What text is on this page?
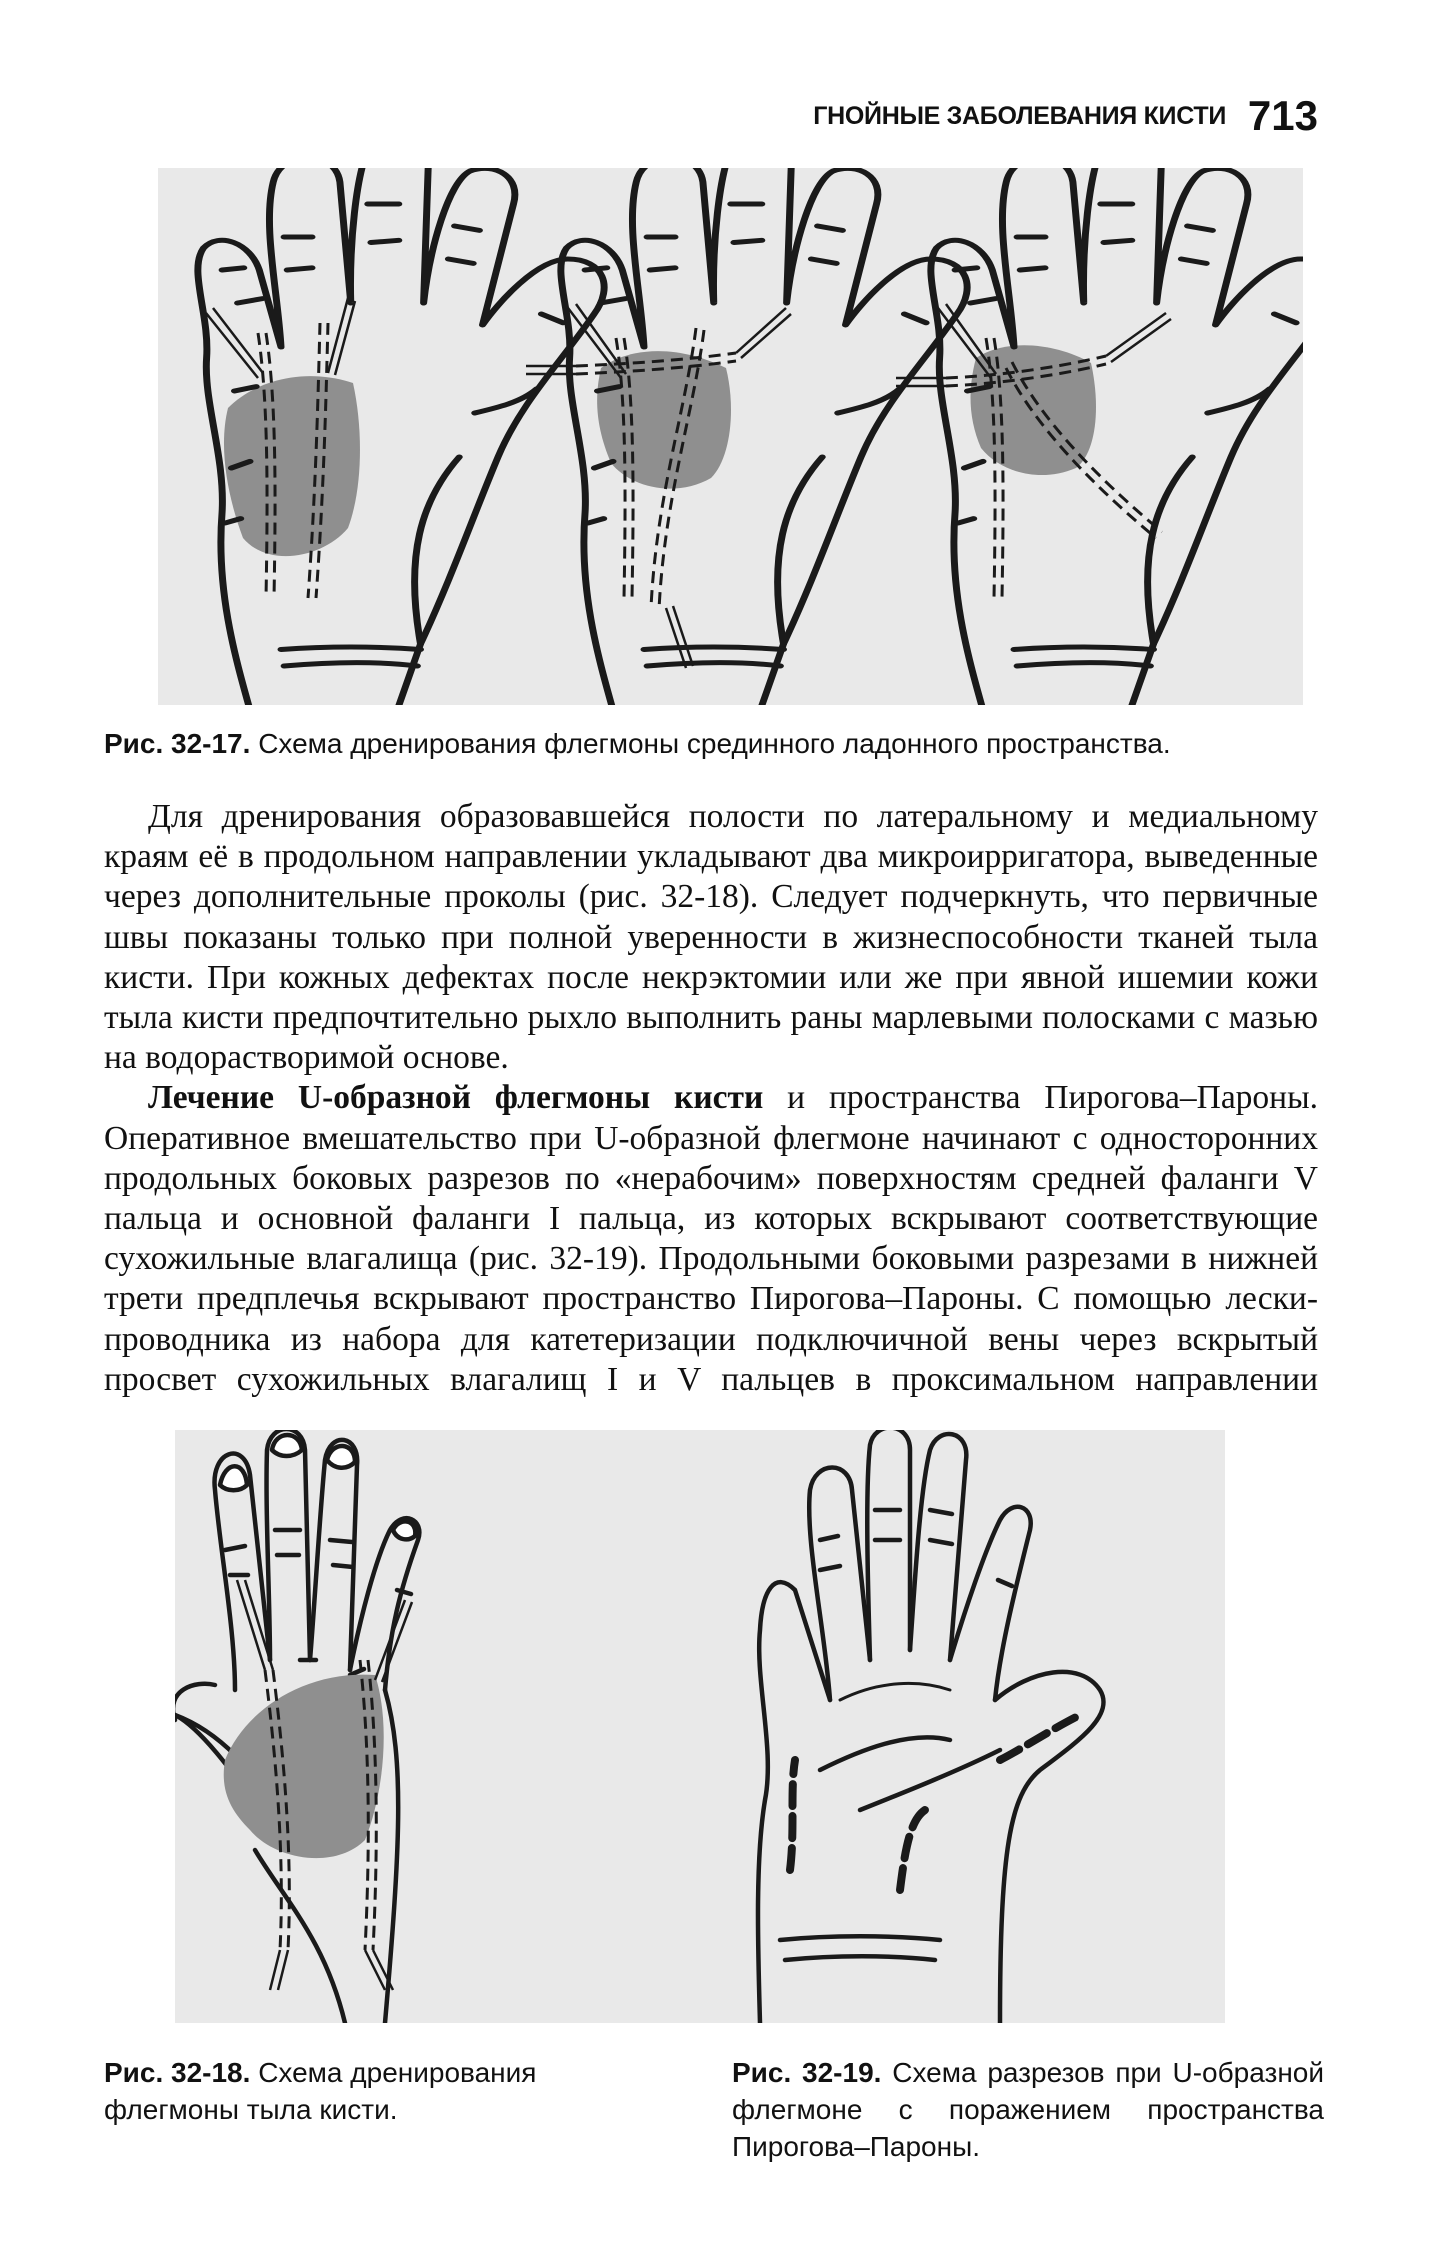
ГНОЙНЫЕ ЗАБОЛЕВАНИЯ КИСТИ 713
Рис. 32-17. Схема дренирования флегмоны срединного ладонного пространства.

Для дренирования образовавшейся полости по латеральному и медиальному краям её в продольном направлении укладывают два микроирригатора, выведенные через дополнительные проколы (рис. 32-18). Следует подчеркнуть, что первичные швы показаны только при полной уверенности в жизнеспособности тканей тыла кисти. При кожных дефектах после некрэктомии или же при явной ишемии кожи тыла кисти предпочтительно рыхло выполнить раны марлевыми полосками с мазью на водорастворимой основе.

Лечение U-образной флегмоны кисти и пространства Пирогова–Пароны. Оперативное вмешательство при U-образной флегмоне начинают с односторонних продольных боковых разрезов по «нерабочим» поверхностям средней фаланги V пальца и основной фаланги I пальца, из которых вскрывают соответствующие сухожильные влагалища (рис. 32-19). Продольными боковыми разрезами в нижней трети предплечья вскрывают пространство Пирогова–Пароны. С помощью лески-проводника из набора для катетеризации подключичной вены через вскрытый просвет сухожильных влагалищ I и V пальцев в проксимальном направлении

Рис. 32-18. Схема дренирования флегмоны тыла кисти.
Рис. 32-19. Схема разрезов при U-образной флегмоне с поражением пространства Пирогова–Пароны.
